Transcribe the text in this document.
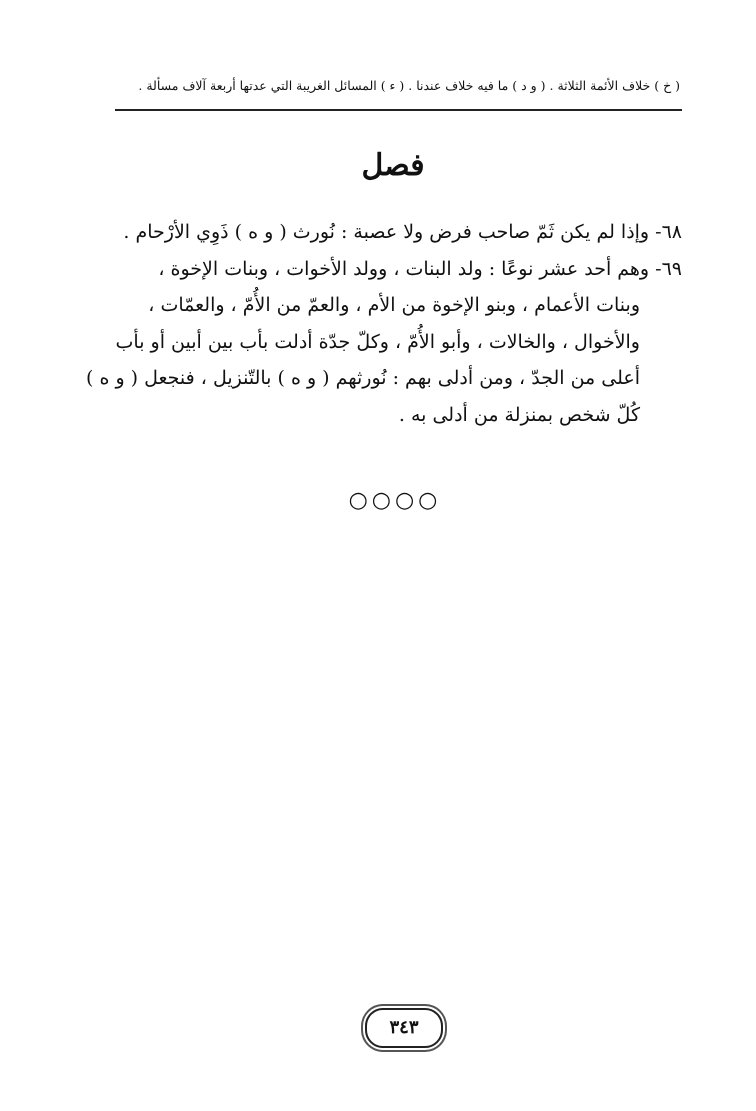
( خ ) خلاف الأئمة الثلاثة . ( و د ) ما فيه خلاف عندنا . ( ء ) المسائل الغريبة التي عدتها أربعة آلاف مسألة .
فصل
٦٨- وإذا لم يكن ثَمّ صاحب فرض ولا عصبة : نُورث ( و ه ) ذَوِي الأرْحام .
٦٩- وهم أحد عشر نوعًا : ولد البنات ، وولد الأخوات ، وبنات الإخوة ،
وبنات الأعمام ، وبنو الإخوة من الأم ، والعمّ من الأُمّ ، والعمّات ،
والأخوال ، والخالات ، وأبو الأُمّ ، وكلّ جدّة أدلت بأب بين أبين أو بأب
أعلى من الجدّ ، ومن أدلى بهم : نُورثهم ( و ه ) بالتّنزيل ، فنجعل ( و ه )
كُلّ شخص بمنزلة من أدلى به .
○○○○
٣٤٣
